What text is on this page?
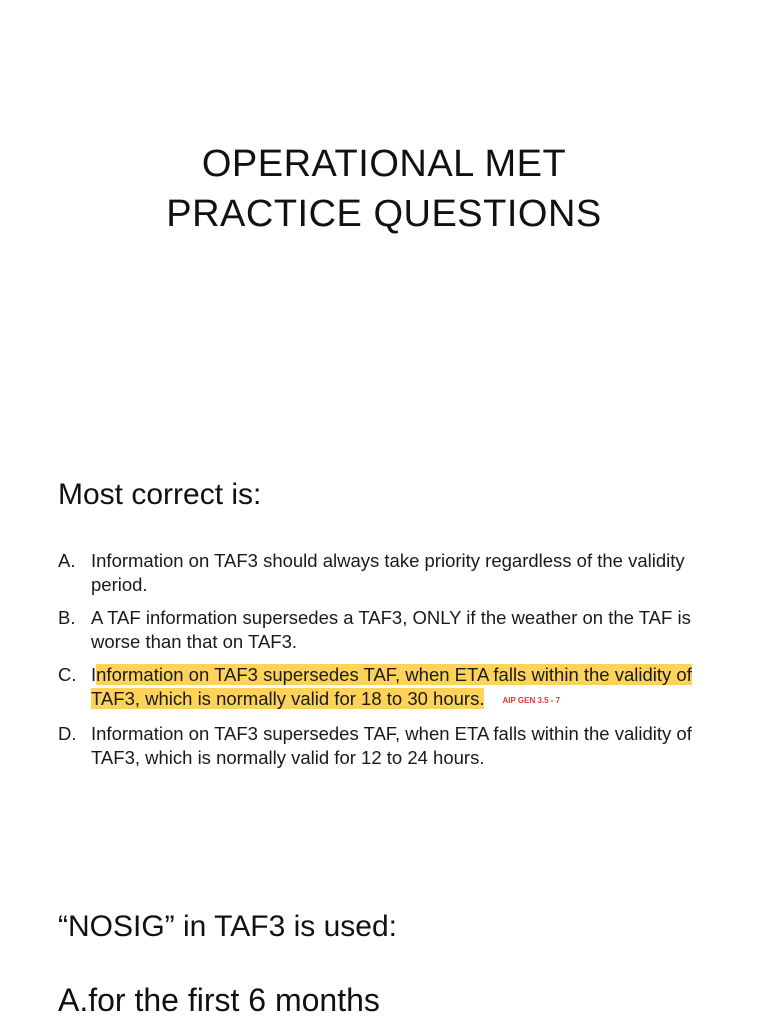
OPERATIONAL MET
PRACTICE QUESTIONS

Most correct is:

A. Information on TAF3 should always take priority regardless of the validity period.
B. A TAF information supersedes a TAF3, ONLY if the weather on the TAF is worse than that on TAF3.
C. Information on TAF3 supersedes TAF, when ETA falls within the validity of TAF3, which is normally valid for 18 to 30 hours. AIP GEN 3.5 - 7
D. Information on TAF3 supersedes TAF, when ETA falls within the validity of TAF3, which is normally valid for 12 to 24 hours.

“NOSIG” in TAF3 is used:

A.for the first 6 months
